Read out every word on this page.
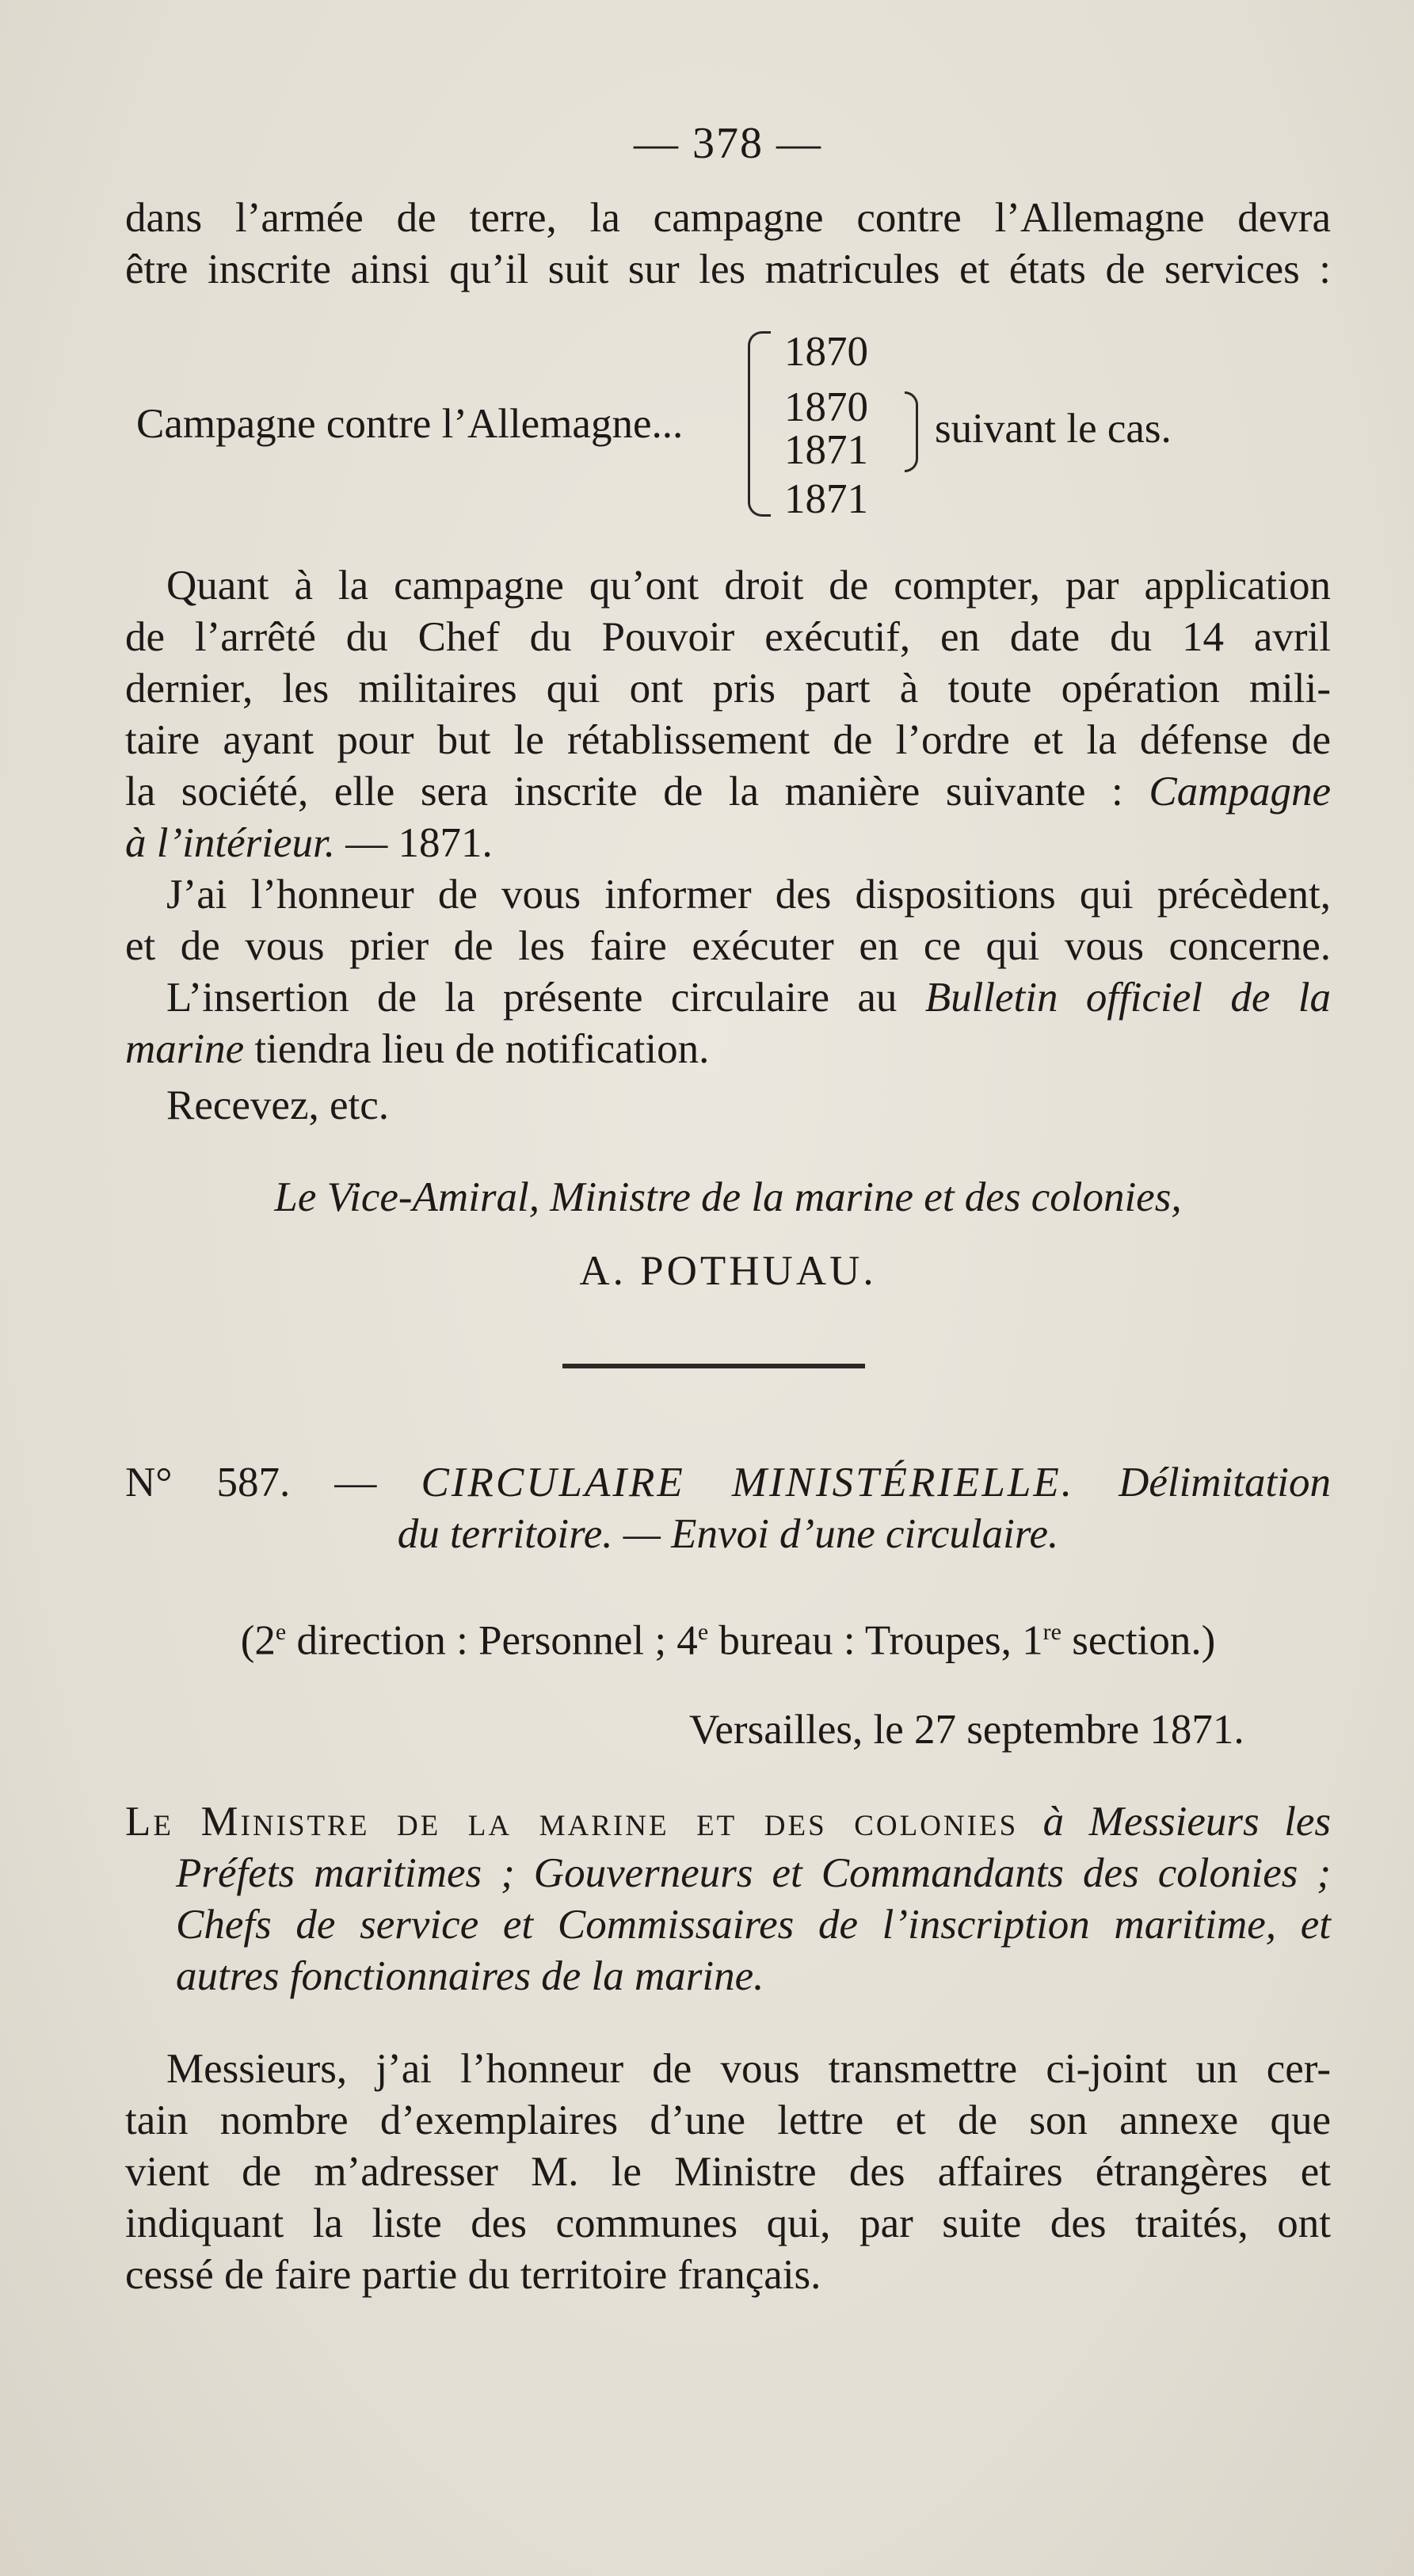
— 378 —
dans l’armée de terre, la campagne contre l’Allemagne devra
être inscrite ainsi qu’il suit sur les matricules et états de services :
Campagne contre l’Allemagne...
1870
1870
1871
1871
suivant le cas.
Quant à la campagne qu’ont droit de compter, par application
de l’arrêté du Chef du Pouvoir exécutif, en date du 14 avril
dernier, les militaires qui ont pris part à toute opération mili-
taire ayant pour but le rétablissement de l’ordre et la défense de
la société, elle sera inscrite de la manière suivante : Campagne
à l’intérieur. — 1871.
J’ai l’honneur de vous informer des dispositions qui précèdent,
et de vous prier de les faire exécuter en ce qui vous concerne.
L’insertion de la présente circulaire au Bulletin officiel de la
marine tiendra lieu de notification.
Recevez, etc.
Le Vice-Amiral, Ministre de la marine et des colonies,
A. POTHUAU.
N° 587. — CIRCULAIRE MINISTÉRIELLE. Délimitation
du territoire. — Envoi d’une circulaire.
(2e direction : Personnel ; 4e bureau : Troupes, 1re section.)
Versailles, le 27 septembre 1871.
Le Ministre de la marine et des colonies à Messieurs les
Préfets maritimes ; Gouverneurs et Commandants des colonies ;
Chefs de service et Commissaires de l’inscription maritime, et
autres fonctionnaires de la marine.
Messieurs, j’ai l’honneur de vous transmettre ci-joint un cer-
tain nombre d’exemplaires d’une lettre et de son annexe que
vient de m’adresser M. le Ministre des affaires étrangères et
indiquant la liste des communes qui, par suite des traités, ont
cessé de faire partie du territoire français.
